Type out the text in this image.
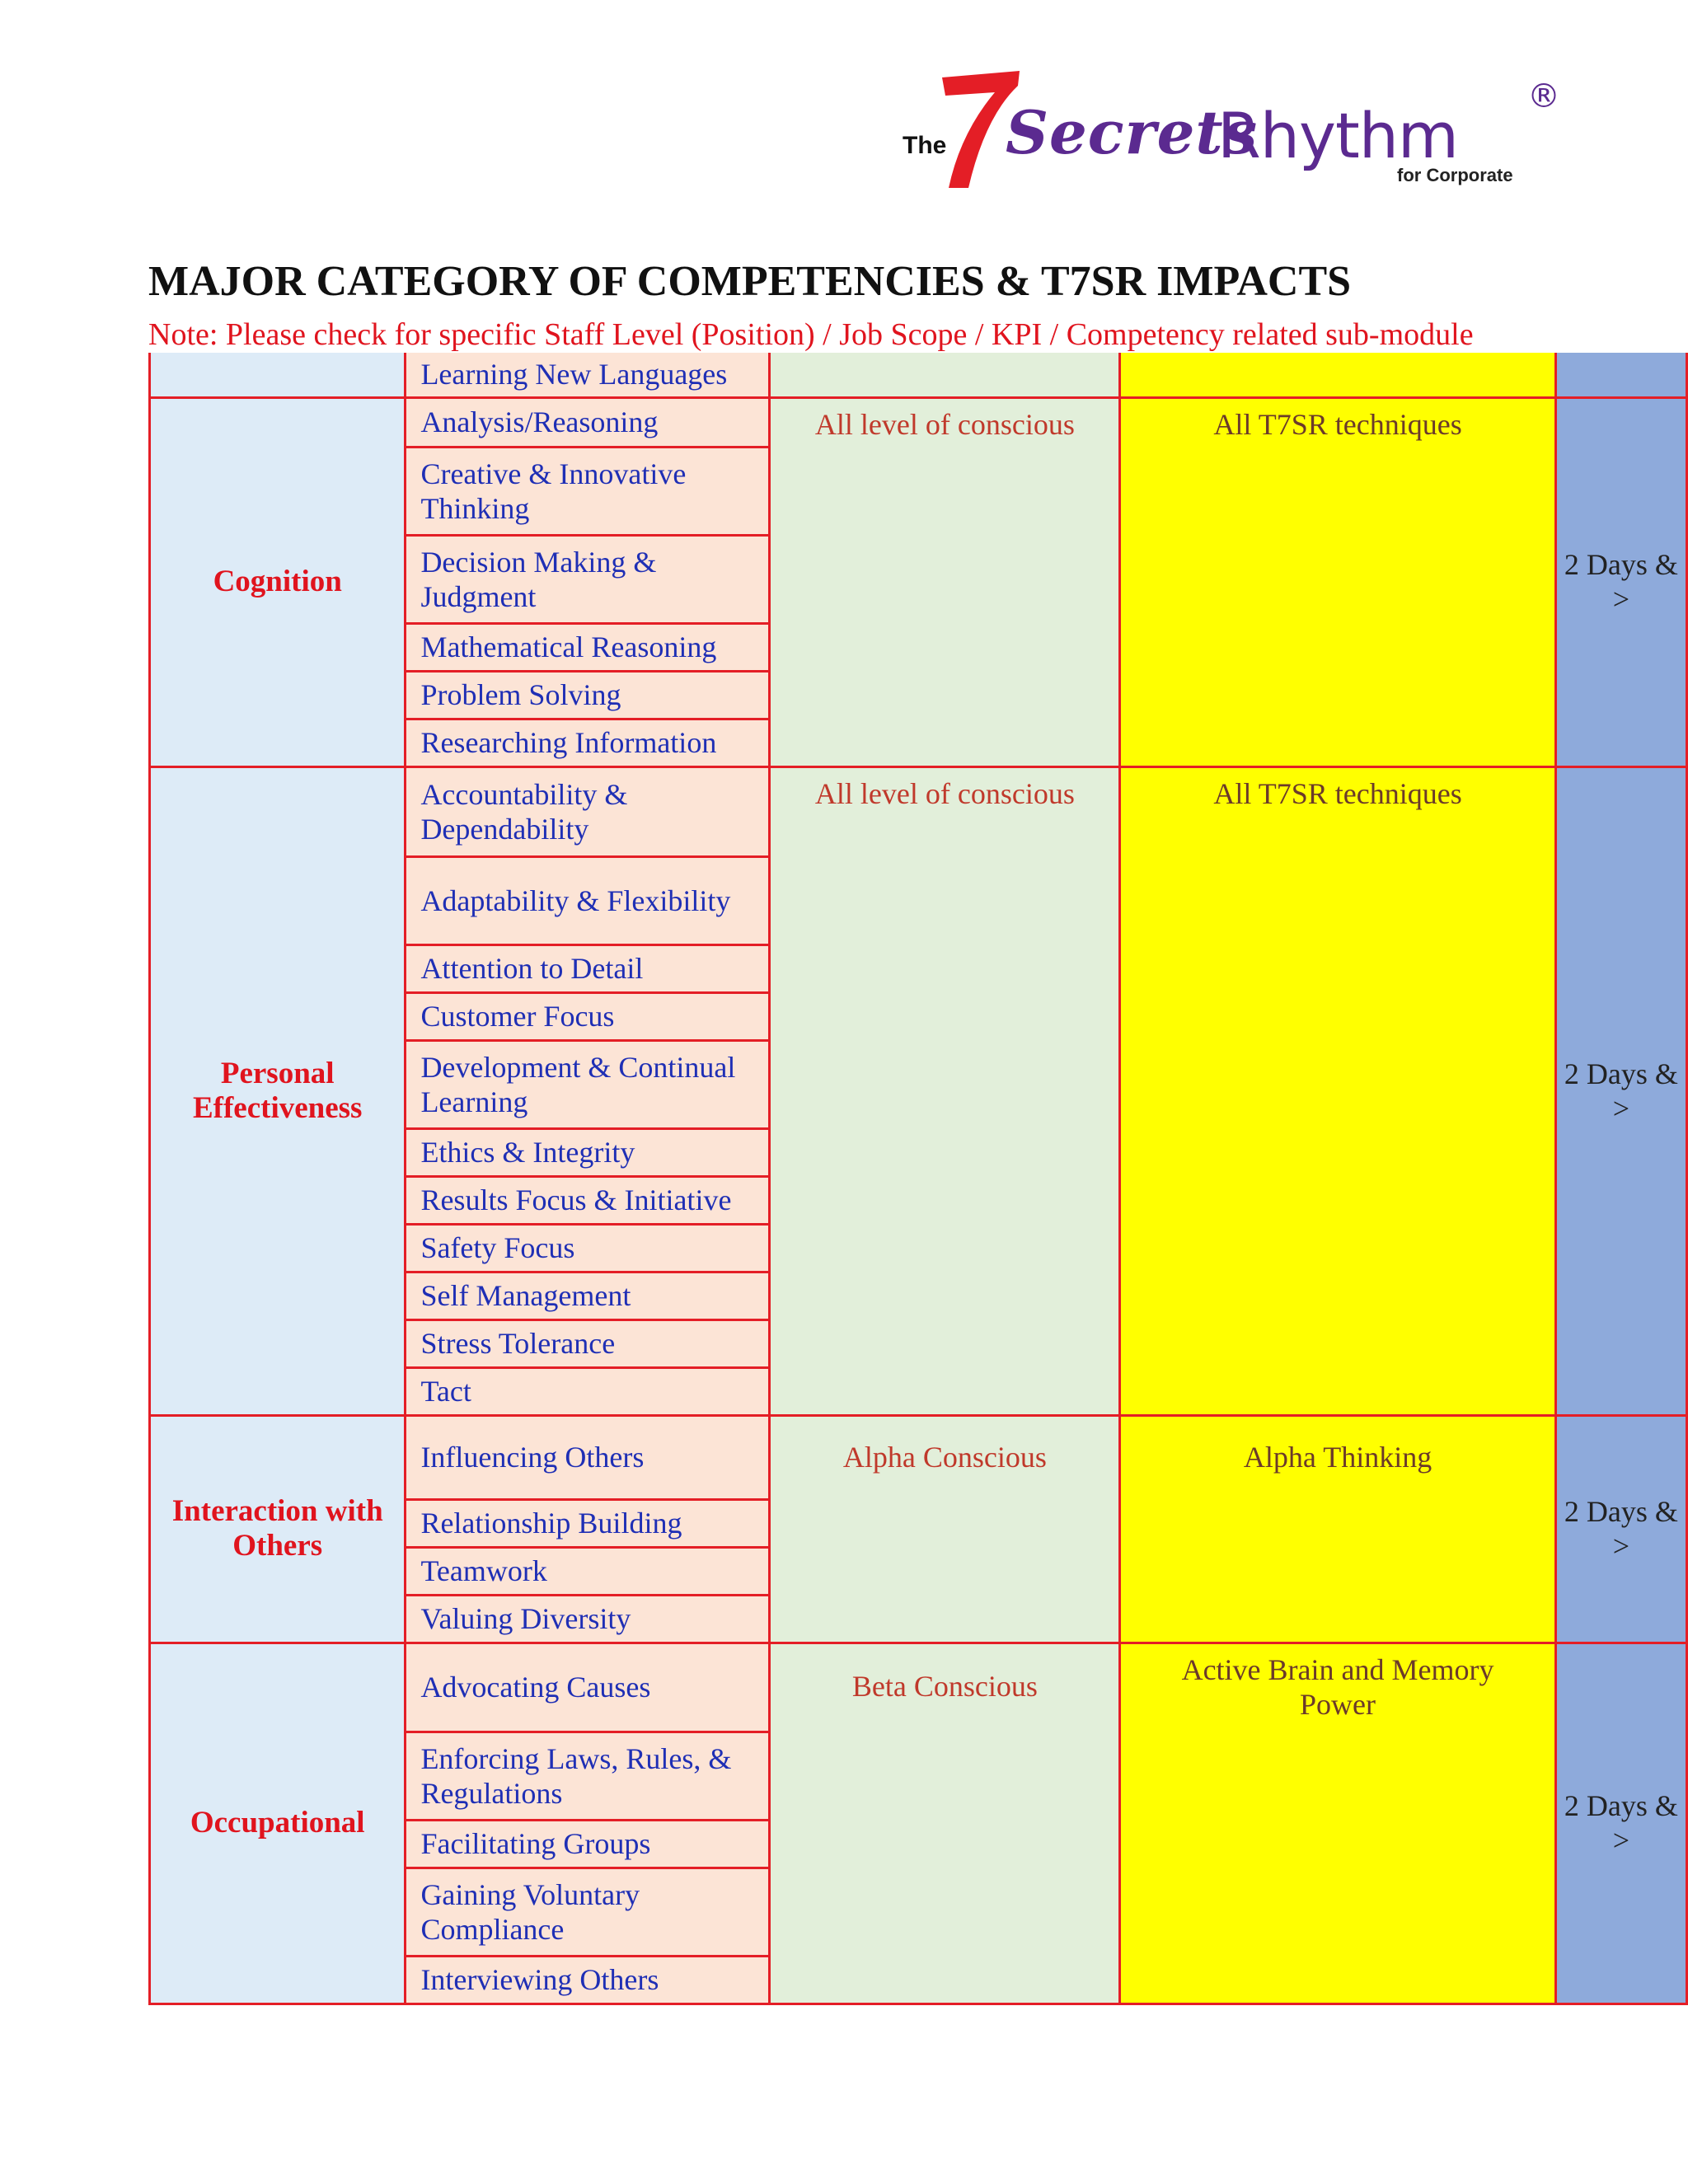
The Secrets
Rhythm
®
for Corporate
MAJOR CATEGORY OF COMPETENCIES & T7SR IMPACTS
Note: Please check for specific Staff Level (Position) / Job Scope / KPI / Competency related sub-module
	Learning New Languages			
Cognition	Analysis/Reasoning	All level of conscious	All T7SR techniques	2 Days & >
	Creative & Innovative Thinking			
	Decision Making & Judgment			
	Mathematical Reasoning			
	Problem Solving			
	Researching Information			
Personal Effectiveness	Accountability & Dependability	All level of conscious	All T7SR techniques	2 Days & >
	Adaptability & Flexibility			
	Attention to Detail			
	Customer Focus			
	Development & Continual Learning			
	Ethics & Integrity			
	Results Focus & Initiative			
	Safety Focus			
	Self Management			
	Stress Tolerance			
	Tact			
Interaction with Others	Influencing Others	Alpha Conscious	Alpha Thinking	2 Days & >
	Relationship Building			
	Teamwork			
	Valuing Diversity			
Occupational	Advocating Causes	Beta Conscious	Active Brain and Memory Power	2 Days & >
	Enforcing Laws, Rules, & Regulations			
	Facilitating Groups			
	Gaining Voluntary Compliance			
	Interviewing Others			
